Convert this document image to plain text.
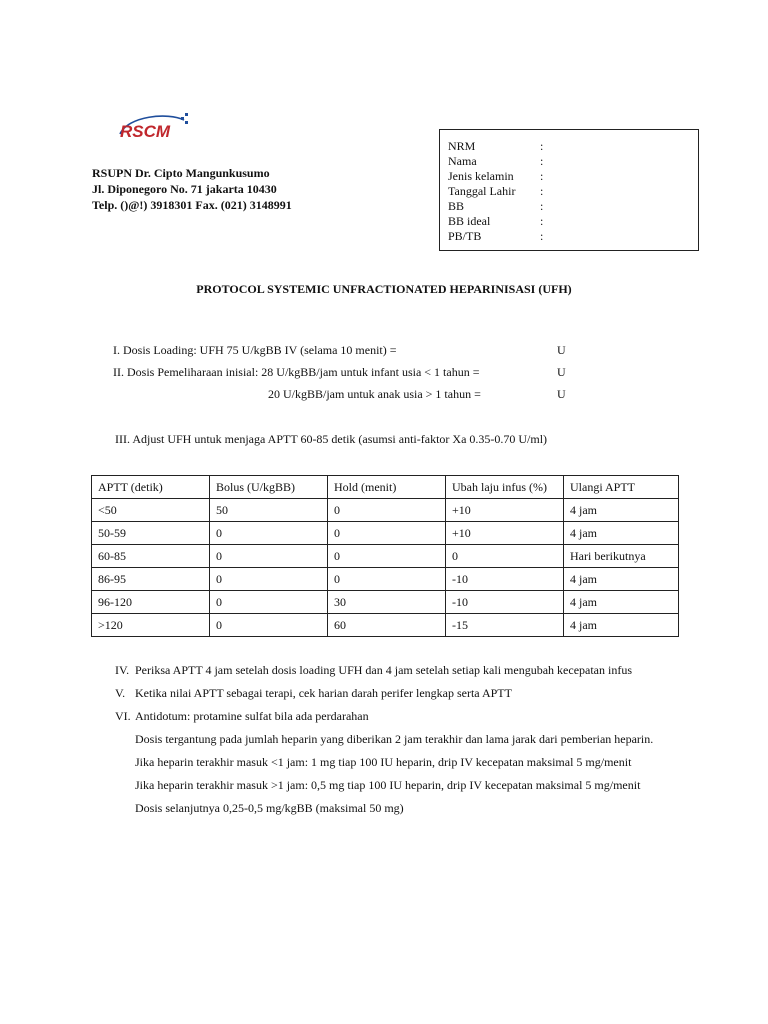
RSCM
RSUPN Dr. Cipto Mangunkusumo
Jl. Diponegoro No. 71 jakarta 10430
Telp. ()@!) 3918301 Fax. (021) 3148991
NRM	:
Nama	:
Jenis kelamin	:
Tanggal Lahir	:
BB	:
BB ideal	:
PB/TB	:
PROTOCOL SYSTEMIC UNFRACTIONATED HEPARINISASI (UFH)
I. Dosis Loading: UFH 75 U/kgBB IV (selama 10 menit) =	U
II. Dosis Pemeliharaan inisial: 28 U/kgBB/jam untuk infant usia < 1 tahun =	U
20 U/kgBB/jam untuk anak usia > 1 tahun =	U
III. Adjust UFH untuk menjaga APTT 60-85 detik (asumsi anti-faktor Xa 0.35-0.70 U/ml)
APTT (detik)	Bolus (U/kgBB)	Hold (menit)	Ubah laju infus (%)	Ulangi APTT
<50	50	0	+10	4 jam
50-59	0	0	+10	4 jam
60-85	0	0	0	Hari berikutnya
86-95	0	0	-10	4 jam
96-120	0	30	-10	4 jam
>120	0	60	-15	4 jam
IV. Periksa APTT 4 jam setelah dosis loading UFH dan 4 jam setelah setiap kali mengubah kecepatan infus
V. Ketika nilai APTT sebagai terapi, cek harian darah perifer lengkap serta APTT
VI. Antidotum: protamine sulfat bila ada perdarahan
Dosis tergantung pada jumlah heparin yang diberikan 2 jam terakhir dan lama jarak dari pemberian heparin.
Jika heparin terakhir masuk <1 jam: 1 mg tiap 100 IU heparin, drip IV kecepatan maksimal 5 mg/menit
Jika heparin terakhir masuk >1 jam: 0,5 mg tiap 100 IU heparin, drip IV kecepatan maksimal 5 mg/menit
Dosis selanjutnya 0,25-0,5 mg/kgBB (maksimal 50 mg)
